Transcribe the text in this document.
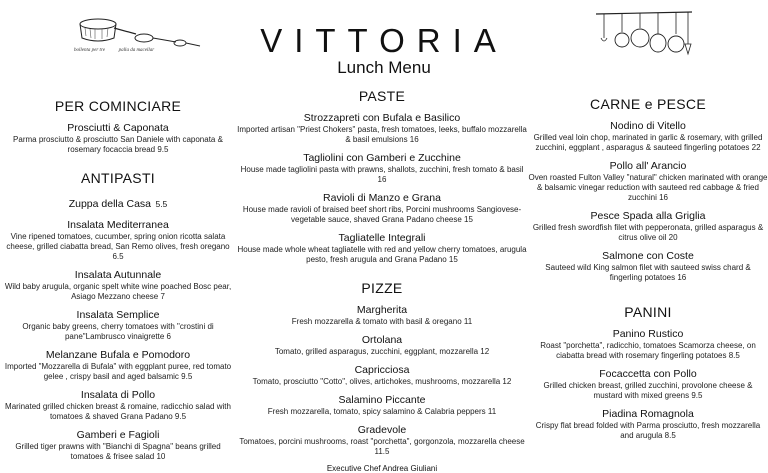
bollenta per tre	palla da macellar	VITTORIA
Lunch Menu
PER COMINCIARE
Prosciutti & Caponata
Parma prosciutto & prosciutto San Daniele with caponata & rosemary focaccia bread 9.5
ANTIPASTI
Zuppa della Casa 5.5
Insalata Mediterranea
Vine ripened tomatoes, cucumber, spring onion ricotta salata cheese, grilled ciabatta bread, San Remo olives, fresh oregano 6.5
Insalata Autunnale
Wild baby arugula, organic spelt white wine poached Bosc pear, Asiago Mezzano cheese 7
Insalata Semplice
Organic baby greens, cherry tomatoes with "crostini di pane"Lambrusco vinaigrette 6
Melanzane Bufala e Pomodoro
Imported "Mozzarella di Bufala" with eggplant puree, red tomato gelee , crispy basil and aged balsamic 9.5
Insalata di Pollo
Marinated grilled chicken breast & romaine, radicchio salad with tomatoes & shaved Grana Padano 9.5
Gamberi e Fagioli
Grilled tiger prawns with "Bianchi di Spagna" beans grilled tomatoes & frisee salad 10
PASTE
Strozzapreti con Bufala e Basilico
Imported artisan "Priest Chokers" pasta, fresh tomatoes, leeks, buffalo mozzarella & basil emulsions 16
Tagliolini con Gamberi e Zucchine
House made tagliolini pasta with prawns, shallots, zucchini, fresh tomato & basil 16
Ravioli di Manzo e Grana
House made ravioli of braised beef short ribs, Porcini mushrooms Sangiovese-vegetable sauce, shaved Grana Padano cheese 15
Tagliatelle Integrali
House made whole wheat tagliatelle with red and yellow cherry tomatoes, arugula pesto, fresh arugula and Grana Padano 15
PIZZE
Margherita
Fresh mozzarella & tomato with basil & oregano 11
Ortolana
Tomato, grilled asparagus, zucchini, eggplant, mozzarella 12
Capricciosa
Tomato, prosciutto "Cotto", olives, artichokes, mushrooms, mozzarella 12
Salamino Piccante
Fresh mozzarella, tomato, spicy salamino & Calabria peppers 11
Gradevole
Tomatoes, porcini mushrooms, roast "porchetta", gorgonzola, mozzarella cheese 11.5
Executive Chef Andrea Giuliani
CARNE e PESCE
Nodino di Vitello
Grilled veal loin chop, marinated in garlic & rosemary, with grilled zucchini, eggplant , asparagus & sauteed fingerling potatoes 22
Pollo all' Arancio
Oven roasted Fulton Valley "natural" chicken marinated with orange & balsamic vinegar reduction with sauteed red cabbage & fried zucchini 16
Pesce Spada alla Griglia
Grilled fresh swordfish filet with pepperonata, grilled asparagus & citrus olive oil 20
Salmone con Coste
Sauteed wild King salmon filet with sauteed swiss chard & fingerling potatoes 16
PANINI
Panino Rustico
Roast "porchetta", radicchio, tomatoes Scamorza cheese, on ciabatta bread with rosemary fingerling potatoes 8.5
Focaccetta con Pollo
Grilled chicken breast, grilled zucchini, provolone cheese & mustard with mixed greens 9.5
Piadina Romagnola
Crispy flat bread folded with Parma prosciutto, fresh mozzarella and arugula 8.5
